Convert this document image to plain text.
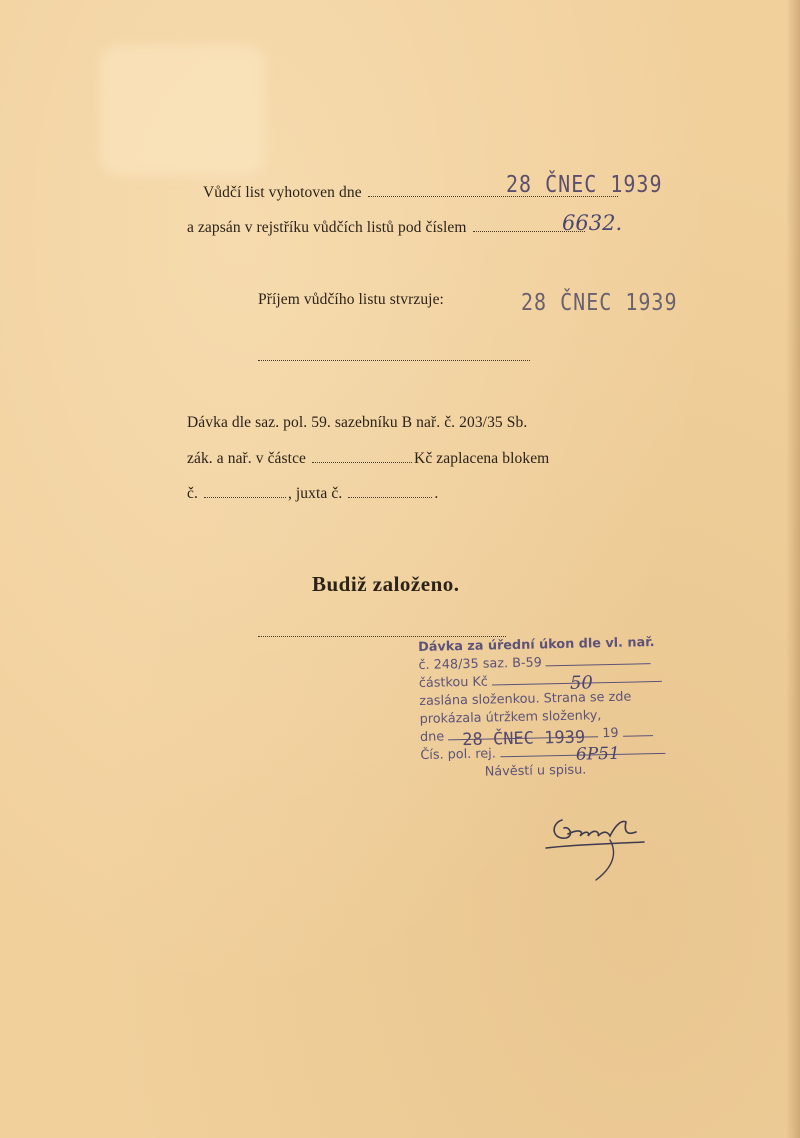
Vůdčí list vyhotoven dne	28 ČNEC 1939
a zapsán v rejstříku vůdčích listů pod číslem	6632.
Příjem vůdčího listu stvrzuje:	28 ČNEC 1939
Dávka dle saz. pol. 59. sazebníku B nař. č. 203/35 Sb.
zák. a nař. v částce	Kč zaplacena blokem
č.	, juxta č.	.
Budiž založeno.
Dávka za úřední úkon dle vl. nař.
č. 248/35 saz. B-59
částkou Kč	50
zaslána složenkou. Strana se zde
prokázala útržkem složenky,
dne 28 ČNEC 1939 19
Čís. pol. rej.	6P51
Návěstí u spisu.
